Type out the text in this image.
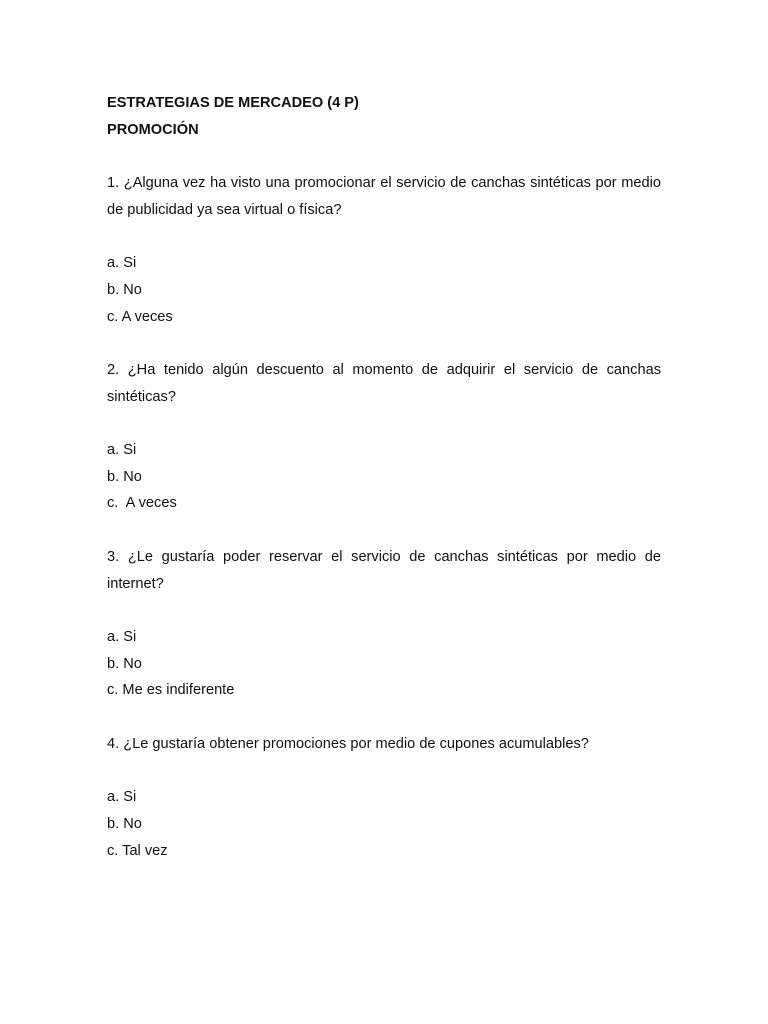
ESTRATEGIAS DE MERCADEO (4 P)

PROMOCIÓN

1. ¿Alguna vez ha visto una promocionar el servicio de canchas sintéticas por medio de publicidad ya sea virtual o física?

a. Si
b. No
c. A veces

2. ¿Ha tenido algún descuento al momento de adquirir el servicio de canchas sintéticas?

a. Si
b. No
c.  A veces

3. ¿Le gustaría poder reservar el servicio de canchas sintéticas por medio de internet?

a. Si
b. No
c. Me es indiferente

4. ¿Le gustaría obtener promociones por medio de cupones acumulables?

a. Si
b. No
c. Tal vez
